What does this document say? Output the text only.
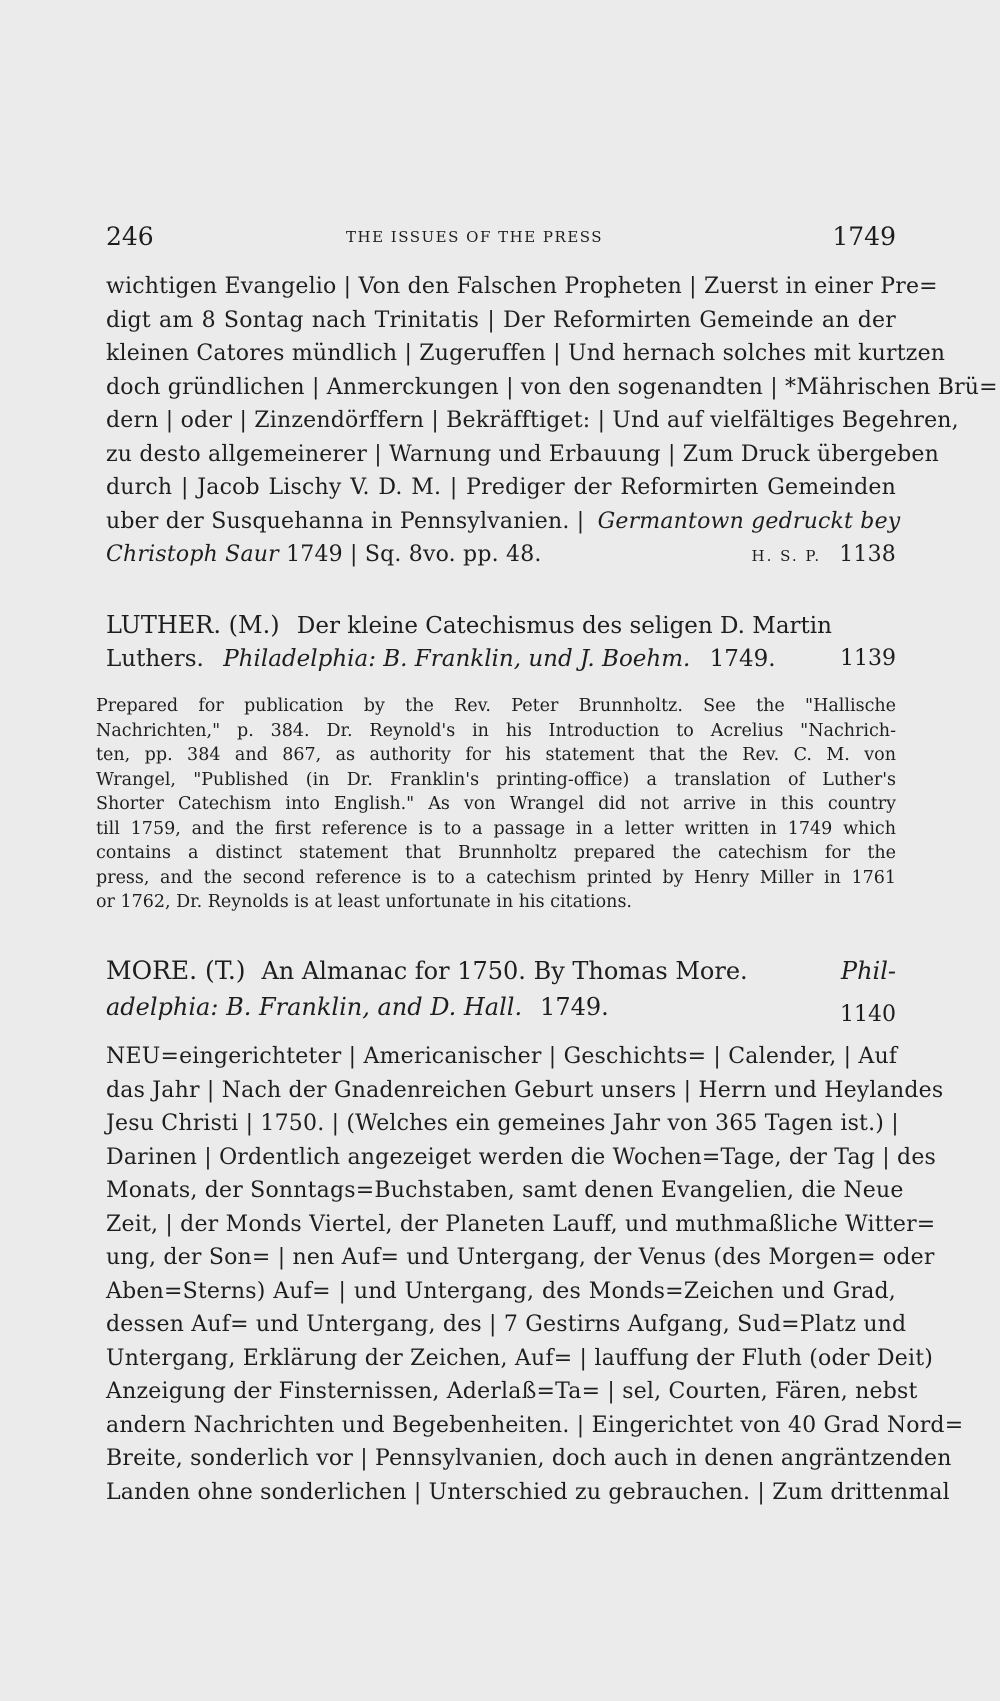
246	THE ISSUES OF THE PRESS	1749
wichtigen Evangelio | Von den Falschen Propheten | Zuerst in einer Pre=
digt am 8 Sontag nach Trinitatis | Der Reformirten Gemeinde an der
kleinen Catores mündlich | Zugeruffen | Und hernach solches mit kurtzen
doch gründlichen | Anmerckungen | von den sogenandten | *Mährischen Brü=
dern | oder | Zinzendörffern | Bekräfftiget: | Und auf vielfältiges Begehren,
zu desto allgemeinerer | Warnung und Erbauung | Zum Druck übergeben
durch | Jacob Lischy V. D. M. | Prediger der Reformirten Gemeinden
uber der Susquehanna in Pennsylvanien. | Germantown gedruckt bey
Christoph Saur 1749 | Sq. 8vo. pp. 48.	H. S. P. 1138
LUTHER. (M.) Der kleine Catechismus des seligen D. Martin
Luthers. Philadelphia: B. Franklin, und J. Boehm. 1749.	1139
Prepared for publication by the Rev. Peter Brunnholtz. See the "Hallische
Nachrichten," p. 384. Dr. Reynold's in his Introduction to Acrelius "Nachrich-
ten, pp. 384 and 867, as authority for his statement that the Rev. C. M. von
Wrangel, "Published (in Dr. Franklin's printing-office) a translation of Luther's
Shorter Catechism into English." As von Wrangel did not arrive in this country
till 1759, and the first reference is to a passage in a letter written in 1749 which
contains a distinct statement that Brunnholtz prepared the catechism for the
press, and the second reference is to a catechism printed by Henry Miller in 1761
or 1762, Dr. Reynolds is at least unfortunate in his citations.
MORE. (T.) An Almanac for 1750. By Thomas More.	Phil-
adelphia: B. Franklin, and D. Hall. 1749.	1140
NEU=eingerichteter | Americanischer | Geschichts= | Calender, | Auf
das Jahr | Nach der Gnadenreichen Geburt unsers | Herrn und Heylandes
Jesu Christi | 1750. | (Welches ein gemeines Jahr von 365 Tagen ist.) |
Darinen | Ordentlich angezeiget werden die Wochen=Tage, der Tag | des
Monats, der Sonntags=Buchstaben, samt denen Evangelien, die Neue
Zeit, | der Monds Viertel, der Planeten Lauff, und muthmaßliche Witter=
ung, der Son= | nen Auf= und Untergang, der Venus (des Morgen= oder
Aben=Sterns) Auf= | und Untergang, des Monds=Zeichen und Grad,
dessen Auf= und Untergang, des | 7 Gestirns Aufgang, Sud=Platz und
Untergang, Erklärung der Zeichen, Auf= | lauffung der Fluth (oder Deit)
Anzeigung der Finsternissen, Aderlaß=Ta= | sel, Courten, Fären, nebst
andern Nachrichten und Begebenheiten. | Eingerichtet von 40 Grad Nord=
Breite, sonderlich vor | Pennsylvanien, doch auch in denen angräntzenden
Landen ohne sonderlichen | Unterschied zu gebrauchen. | Zum drittenmal
